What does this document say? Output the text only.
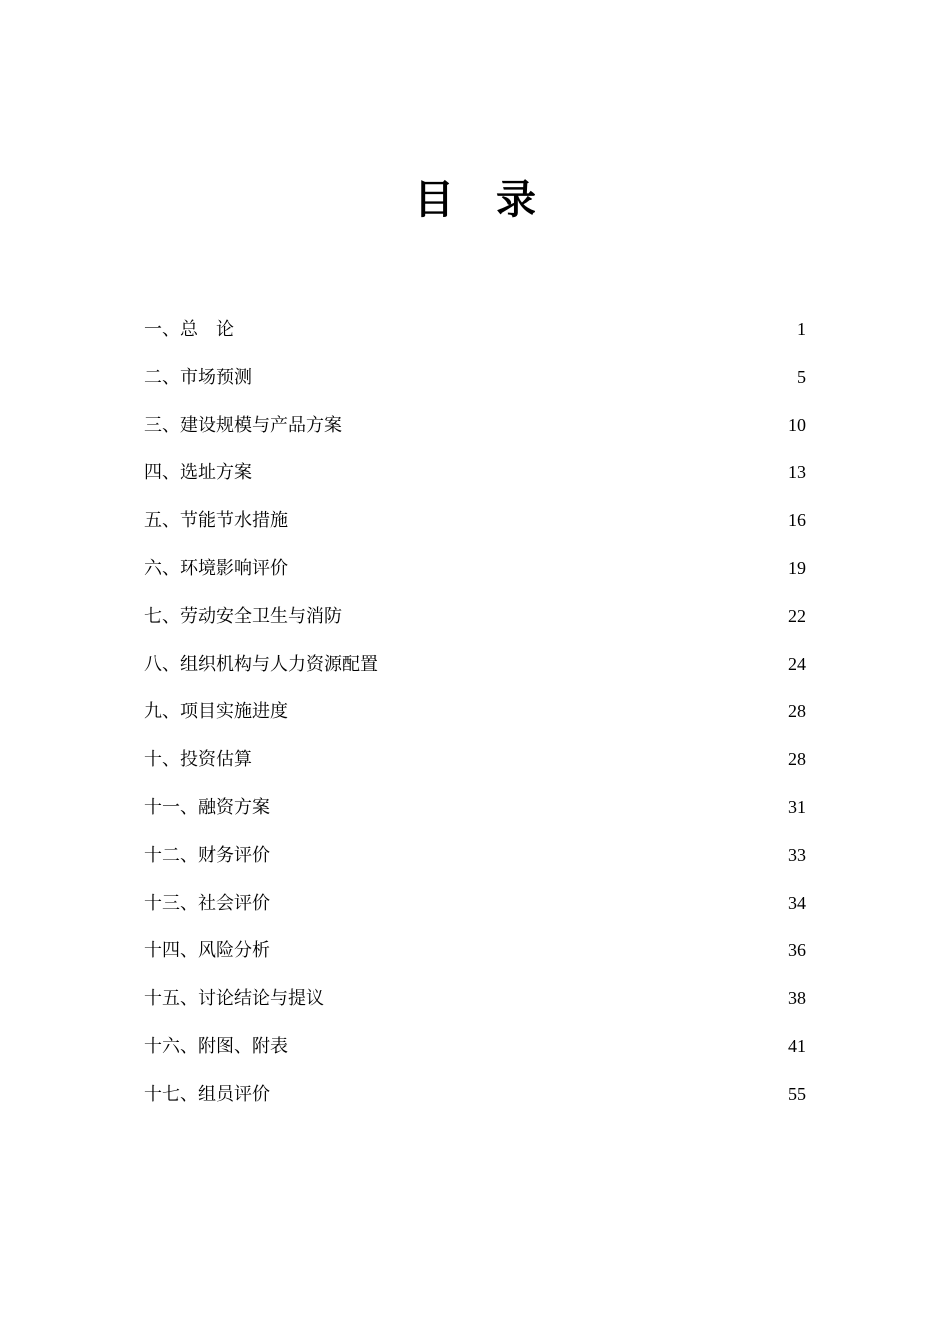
目 录
一、总　论	1
二、市场预测	5
三、建设规模与产品方案	10
四、选址方案	13
五、节能节水措施	16
六、环境影响评价	19
七、劳动安全卫生与消防	22
八、组织机构与人力资源配置	24
九、项目实施进度	28
十、投资估算	28
十一、融资方案	31
十二、财务评价	33
十三、社会评价	34
十四、风险分析	36
十五、讨论结论与提议	38
十六、附图、附表	41
十七、组员评价	55
